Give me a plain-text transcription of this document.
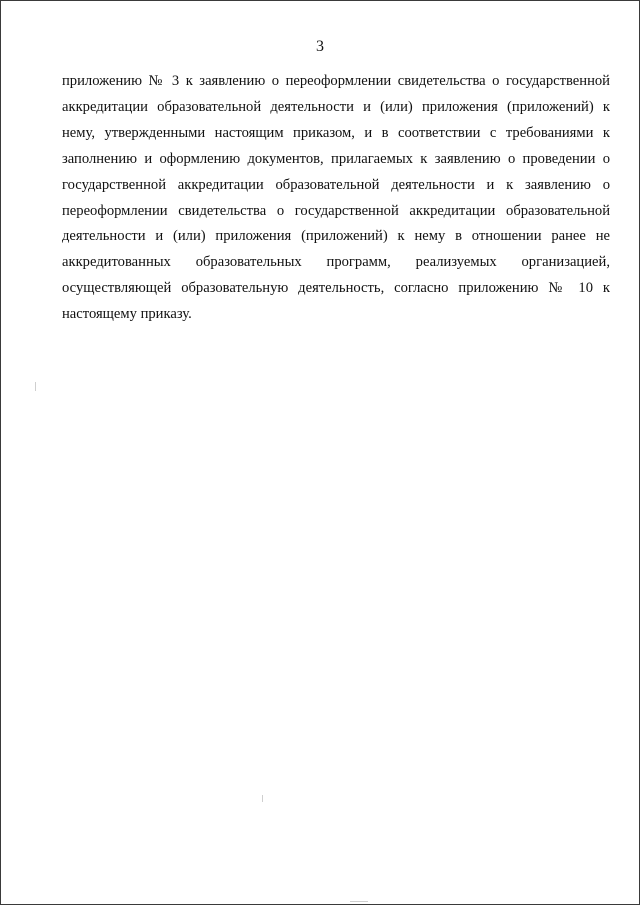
3
приложению № 3 к заявлению о переоформлении свидетельства о государственной
аккредитации образовательной деятельности и (или) приложения (приложений) к
нему, утвержденными настоящим приказом, и в соответствии с требованиями к
заполнению и оформлению документов, прилагаемых к заявлению о проведении о
государственной аккредитации образовательной деятельности и к заявлению о
переоформлении свидетельства о государственной аккредитации образовательной
деятельности и (или) приложения (приложений) к нему в отношении ранее не
аккредитованных образовательных программ, реализуемых организацией,
осуществляющей образовательную деятельность, согласно приложению № 10 к
настоящему приказу.
